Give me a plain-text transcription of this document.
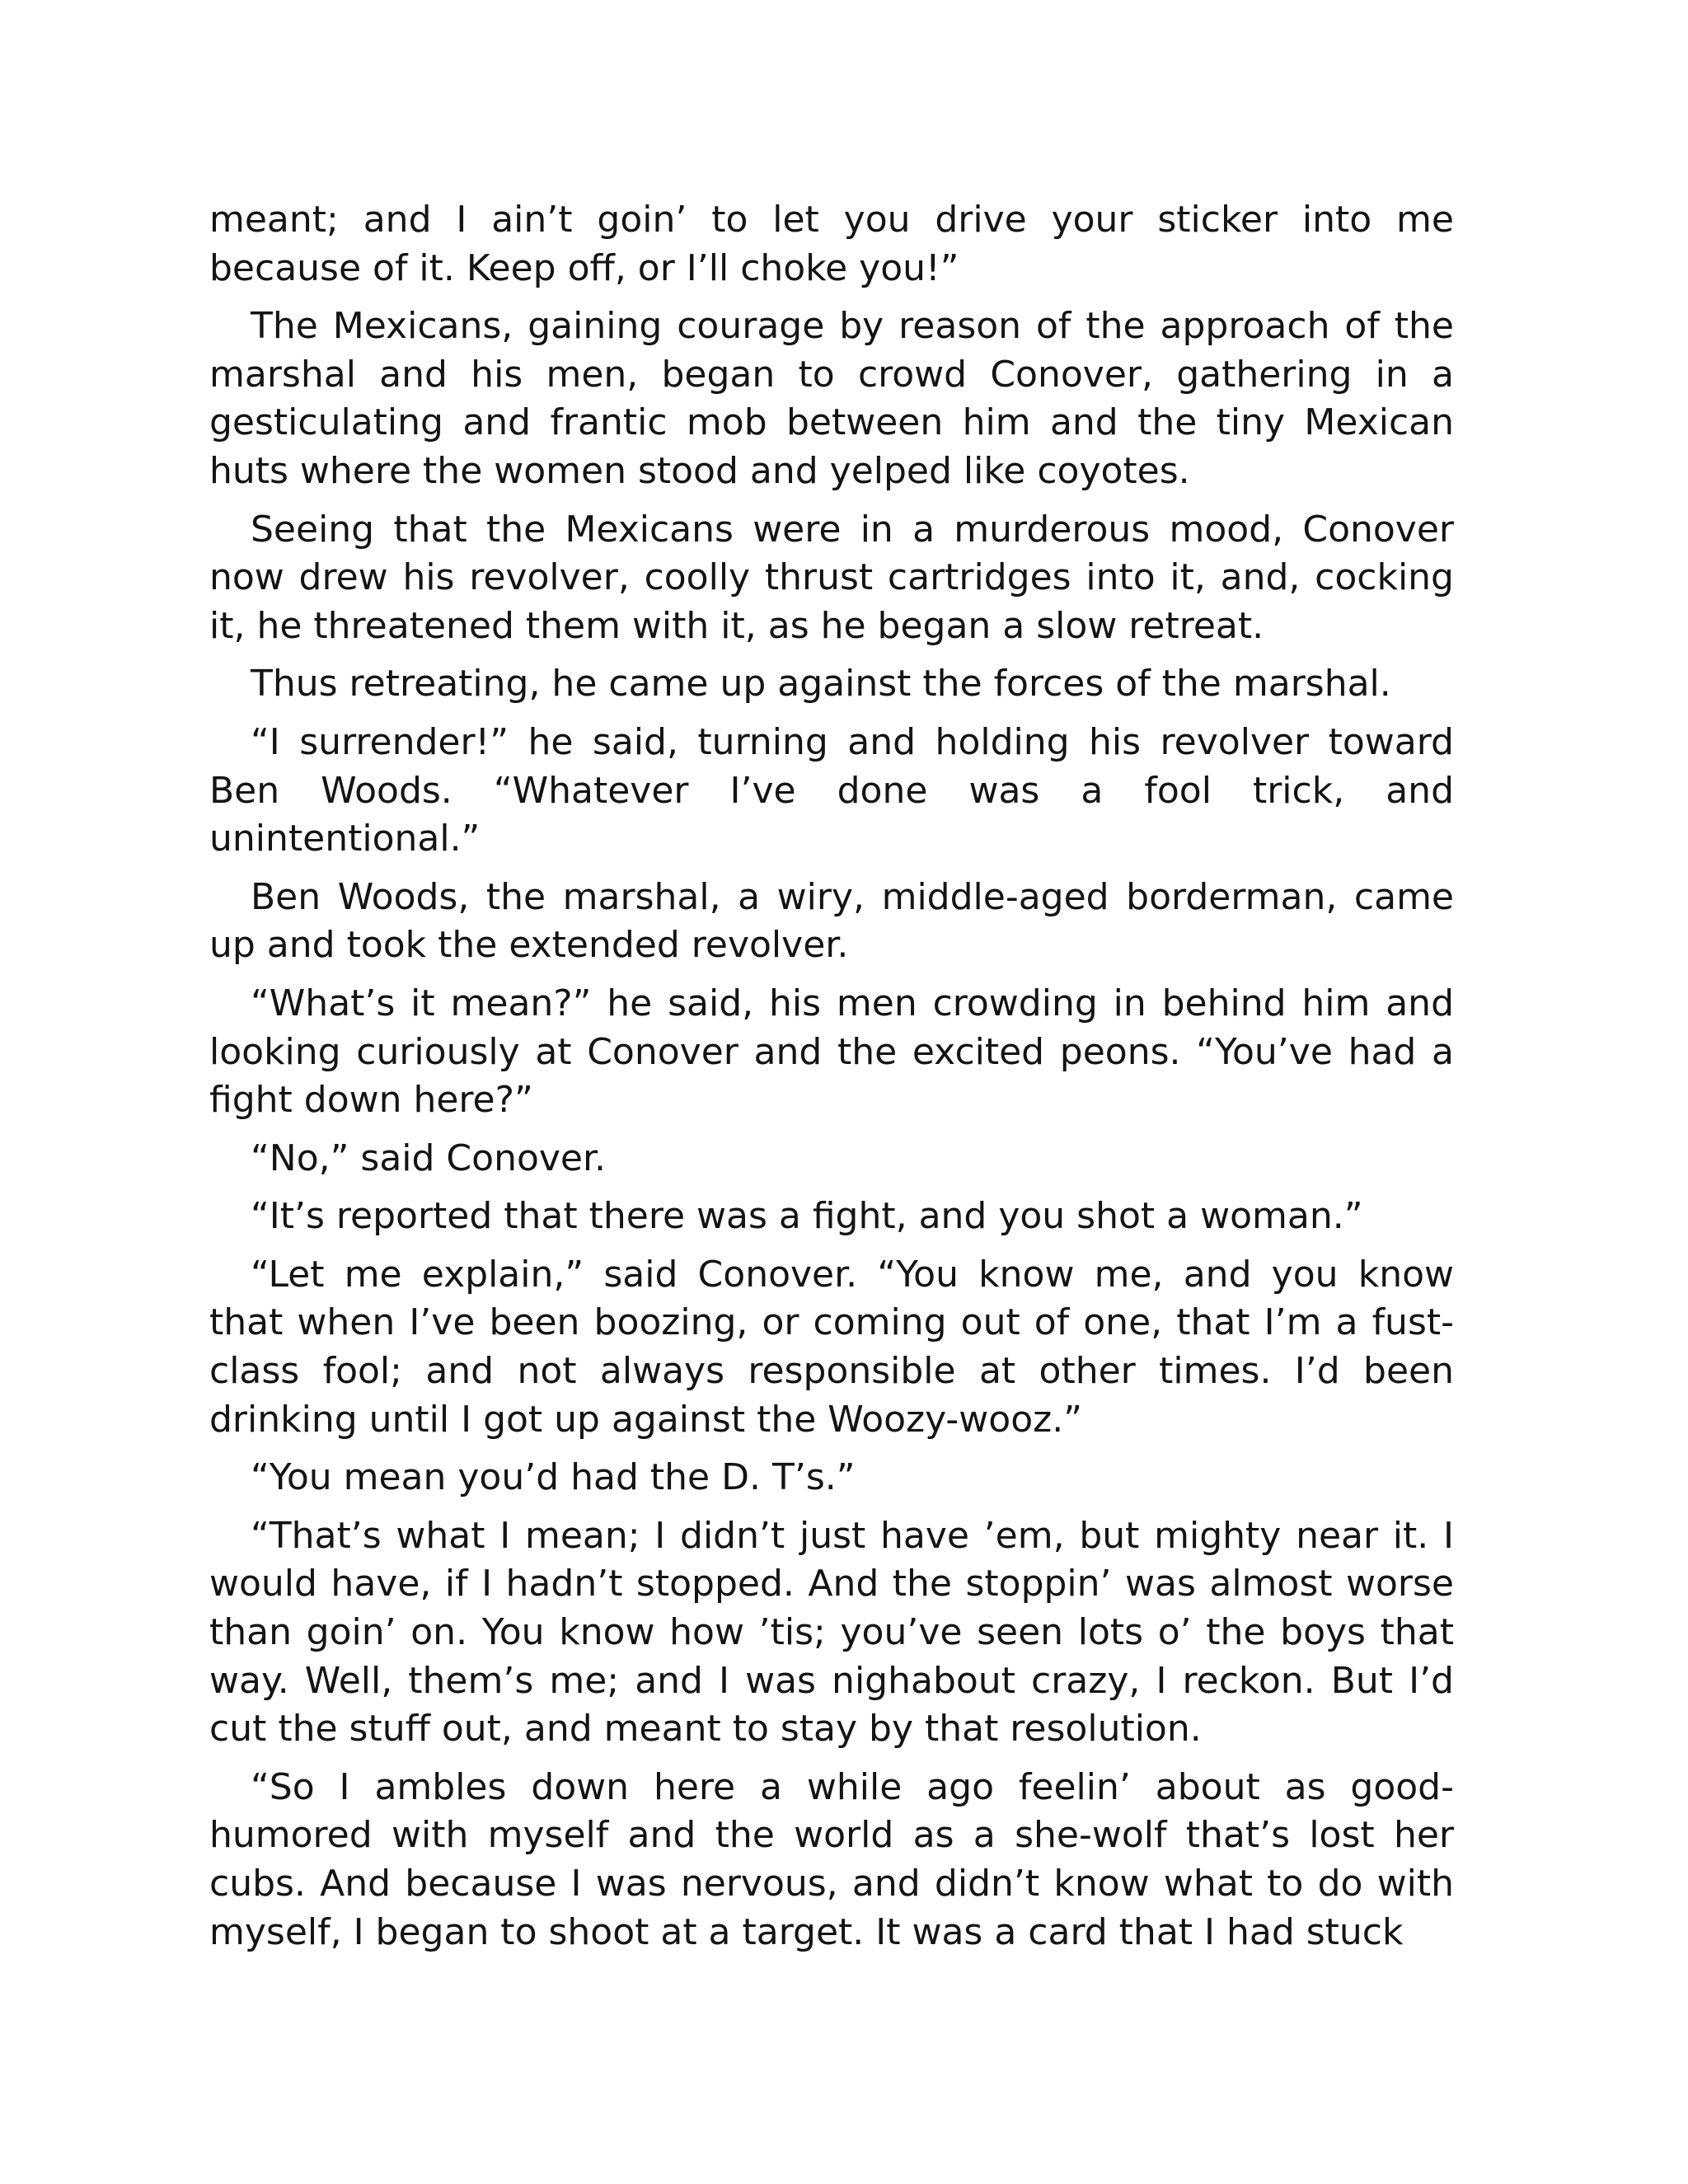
meant; and I ain’t goin’ to let you drive your sticker into me because of it. Keep off, or I’ll choke you!”

The Mexicans, gaining courage by reason of the approach of the marshal and his men, began to crowd Conover, gathering in a gesticulating and frantic mob between him and the tiny Mexican huts where the women stood and yelped like coyotes.

Seeing that the Mexicans were in a murderous mood, Conover now drew his revolver, coolly thrust cartridges into it, and, cocking it, he threatened them with it, as he began a slow retreat.

Thus retreating, he came up against the forces of the marshal.

“I surrender!” he said, turning and holding his revolver toward Ben Woods. “Whatever I’ve done was a fool trick, and unintentional.”

Ben Woods, the marshal, a wiry, middle-aged borderman, came up and took the extended revolver.

“What’s it mean?” he said, his men crowding in behind him and looking curiously at Conover and the excited peons. “You’ve had a fight down here?”

“No,” said Conover.

“It’s reported that there was a fight, and you shot a woman.”

“Let me explain,” said Conover. “You know me, and you know that when I’ve been boozing, or coming out of one, that I’m a fust-class fool; and not always responsible at other times. I’d been drinking until I got up against the Woozy-wooz.”

“You mean you’d had the D. T’s.”

“That’s what I mean; I didn’t just have ’em, but mighty near it. I would have, if I hadn’t stopped. And the stoppin’ was almost worse than goin’ on. You know how ’tis; you’ve seen lots o’ the boys that way. Well, them’s me; and I was nighabout crazy, I reckon. But I’d cut the stuff out, and meant to stay by that resolution.

“So I ambles down here a while ago feelin’ about as good-humored with myself and the world as a she-wolf that’s lost her cubs. And because I was nervous, and didn’t know what to do with myself, I began to shoot at a target. It was a card that I had stuck
